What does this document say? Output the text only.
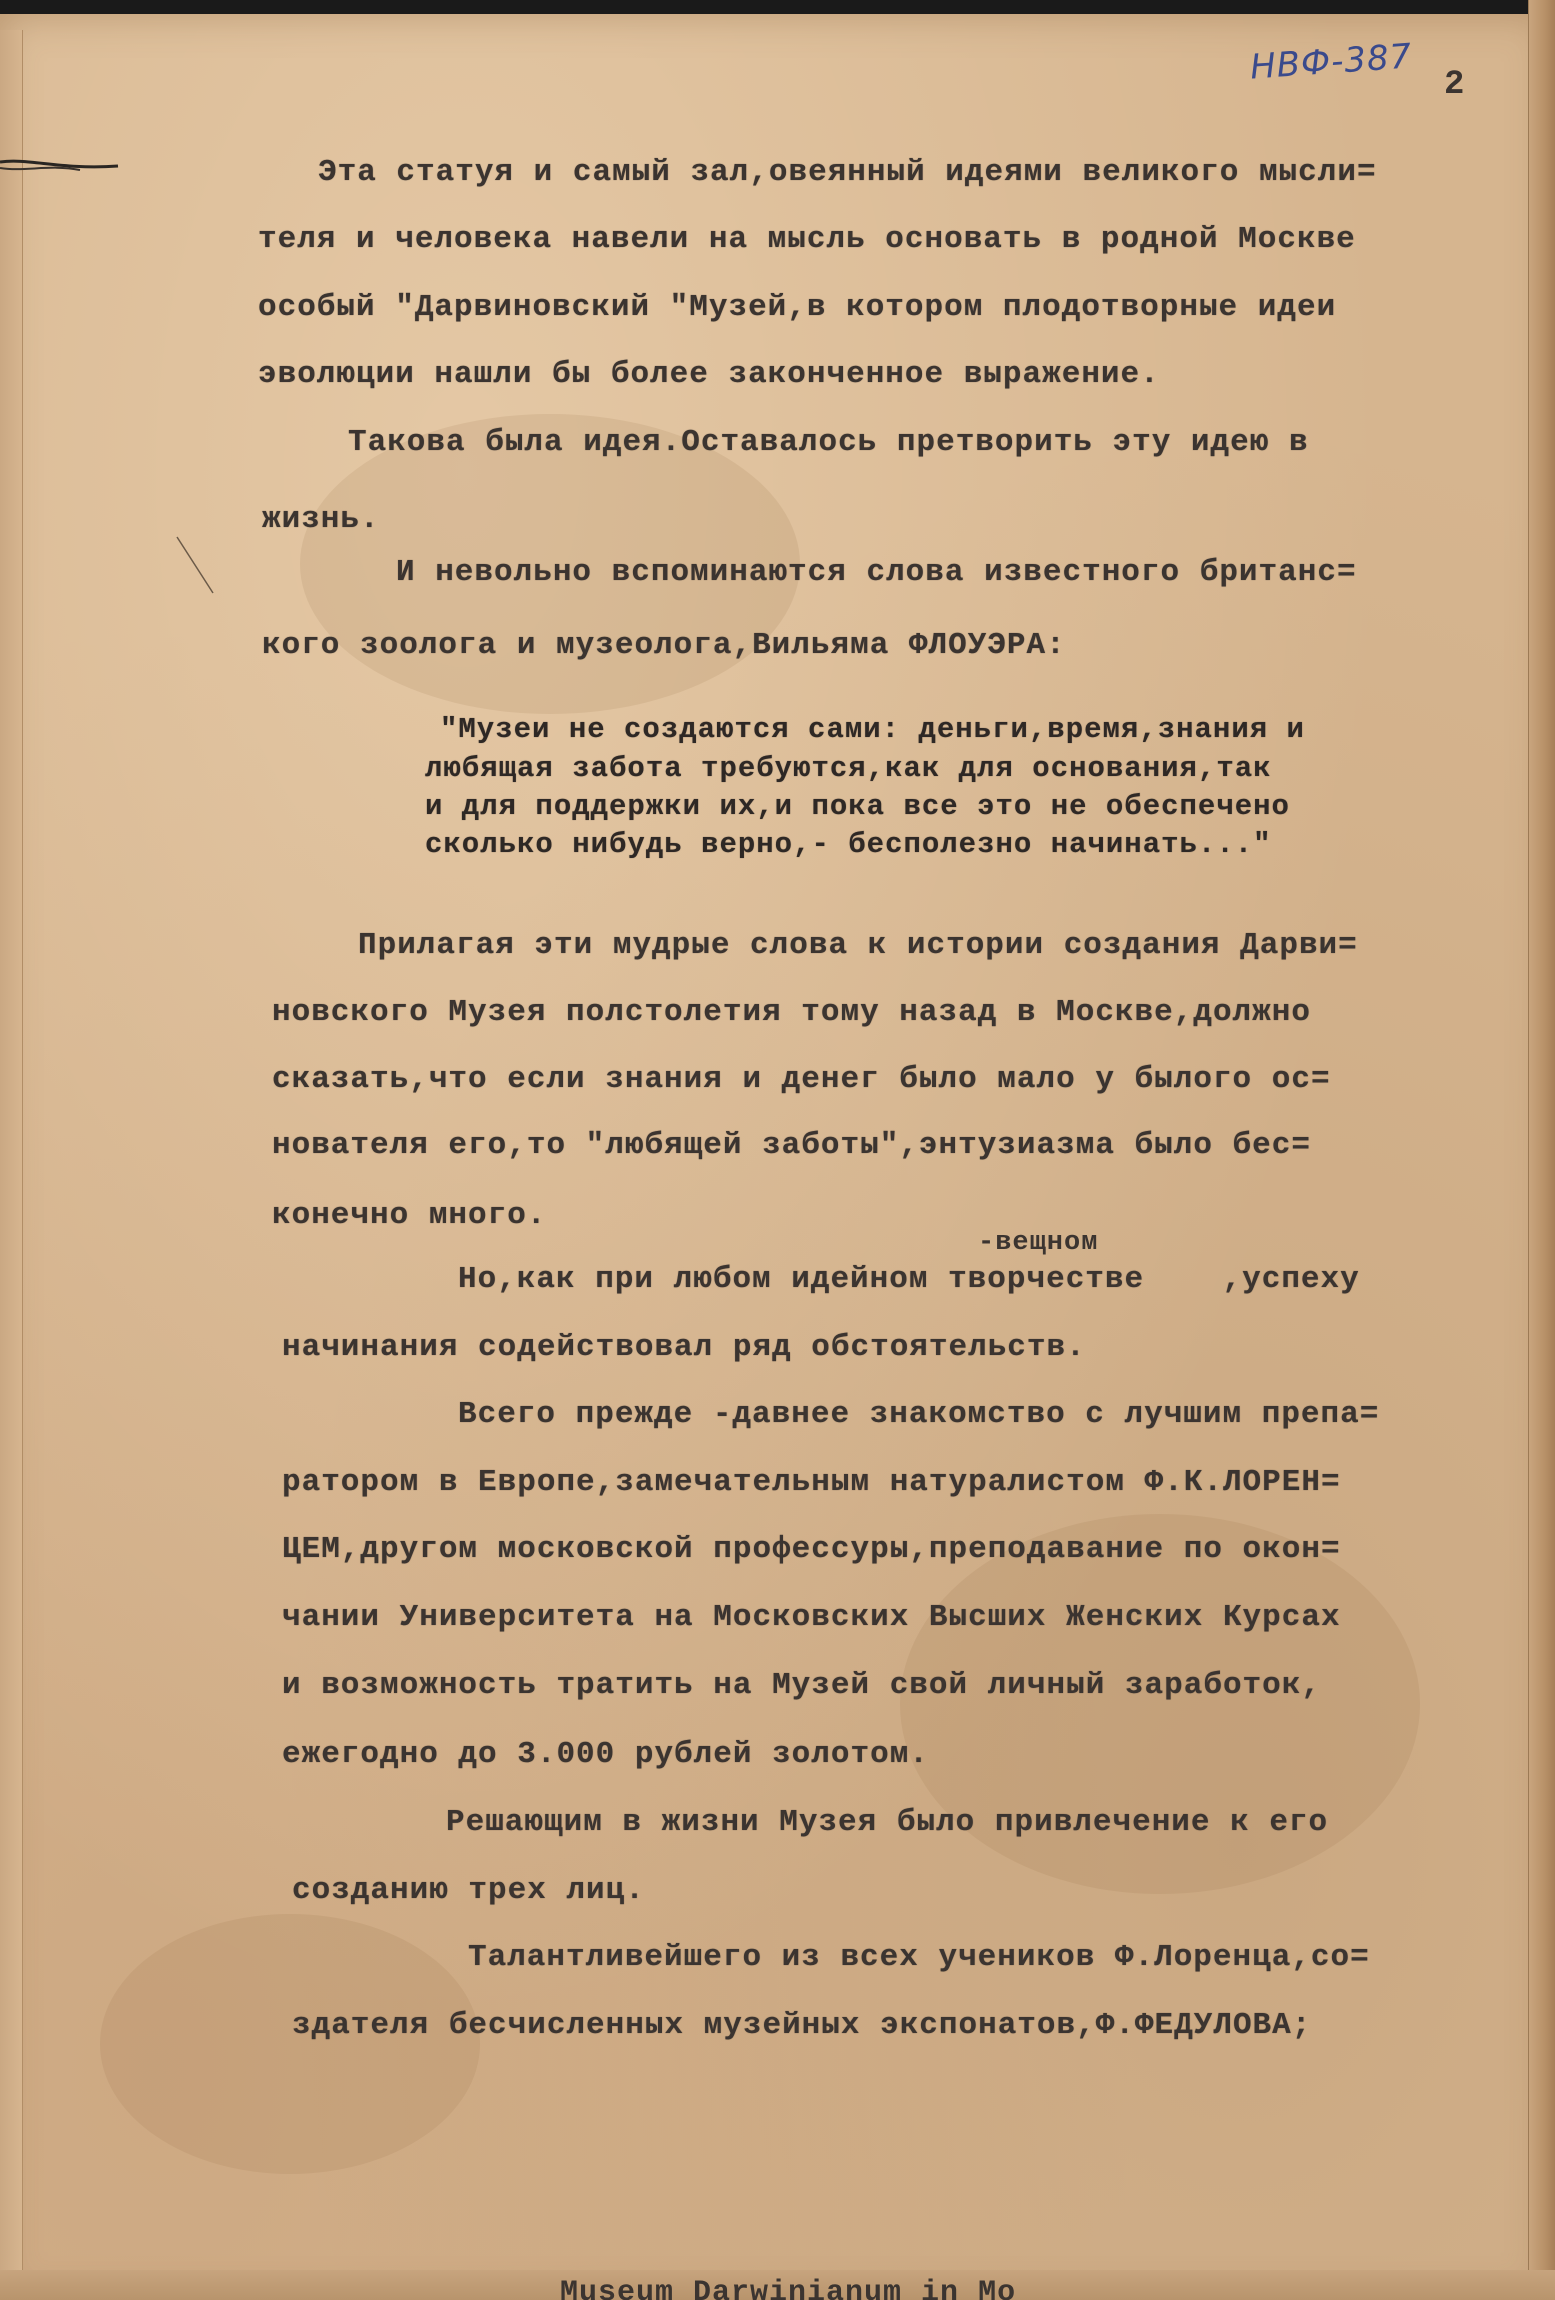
НВФ-387 2
Эта статуя и самый зал,овеянный идеями великого мысли=
теля и человека навели на мысль основать в родной Москве
особый "Дарвиновский "Музей,в котором плодотворные идеи
эволюции нашли бы более законченное выражение.
Такова была идея.Оставалось претворить эту идею в
жизнь.
И невольно вспоминаются слова известного британс=
кого зоолога и музеолога,Вильяма ФЛОУЭРА:
"Музеи не создаются сами: деньги,время,знания и
любящая забота требуются,как для основания,так
и для поддержки их,и пока все это не обеспечено
сколько нибудь верно,- бесполезно начинать..."
Прилагая эти мудрые слова к истории создания Дарви=
новского Музея полстолетия тому назад в Москве,должно
сказать,что если знания и денег было мало у былого ос=
нователя его,то "любящей заботы",энтузиазма было бес=
конечно много.
-вещном
Но,как при любом идейном творчестве    ,успеху
начинания содействовал ряд обстоятельств.
Всего прежде -давнее знакомство с лучшим препа=
ратором в Европе,замечательным натуралистом Ф.К.ЛОРЕН=
ЦЕМ,другом московской профессуры,преподавание по окон=
чании Университета на Московских Высших Женских Курсах
и возможность тратить на Музей свой личный заработок,
ежегодно до 3.000 рублей золотом.
Решающим в жизни Музея было привлечение к его
созданию трех лиц.
Талантливейшего из всех учеников Ф.Лоренца,со=
здателя бесчисленных музейных экспонатов,Ф.ФЕДУЛОВА;
Museum Darwinianum in Mo
